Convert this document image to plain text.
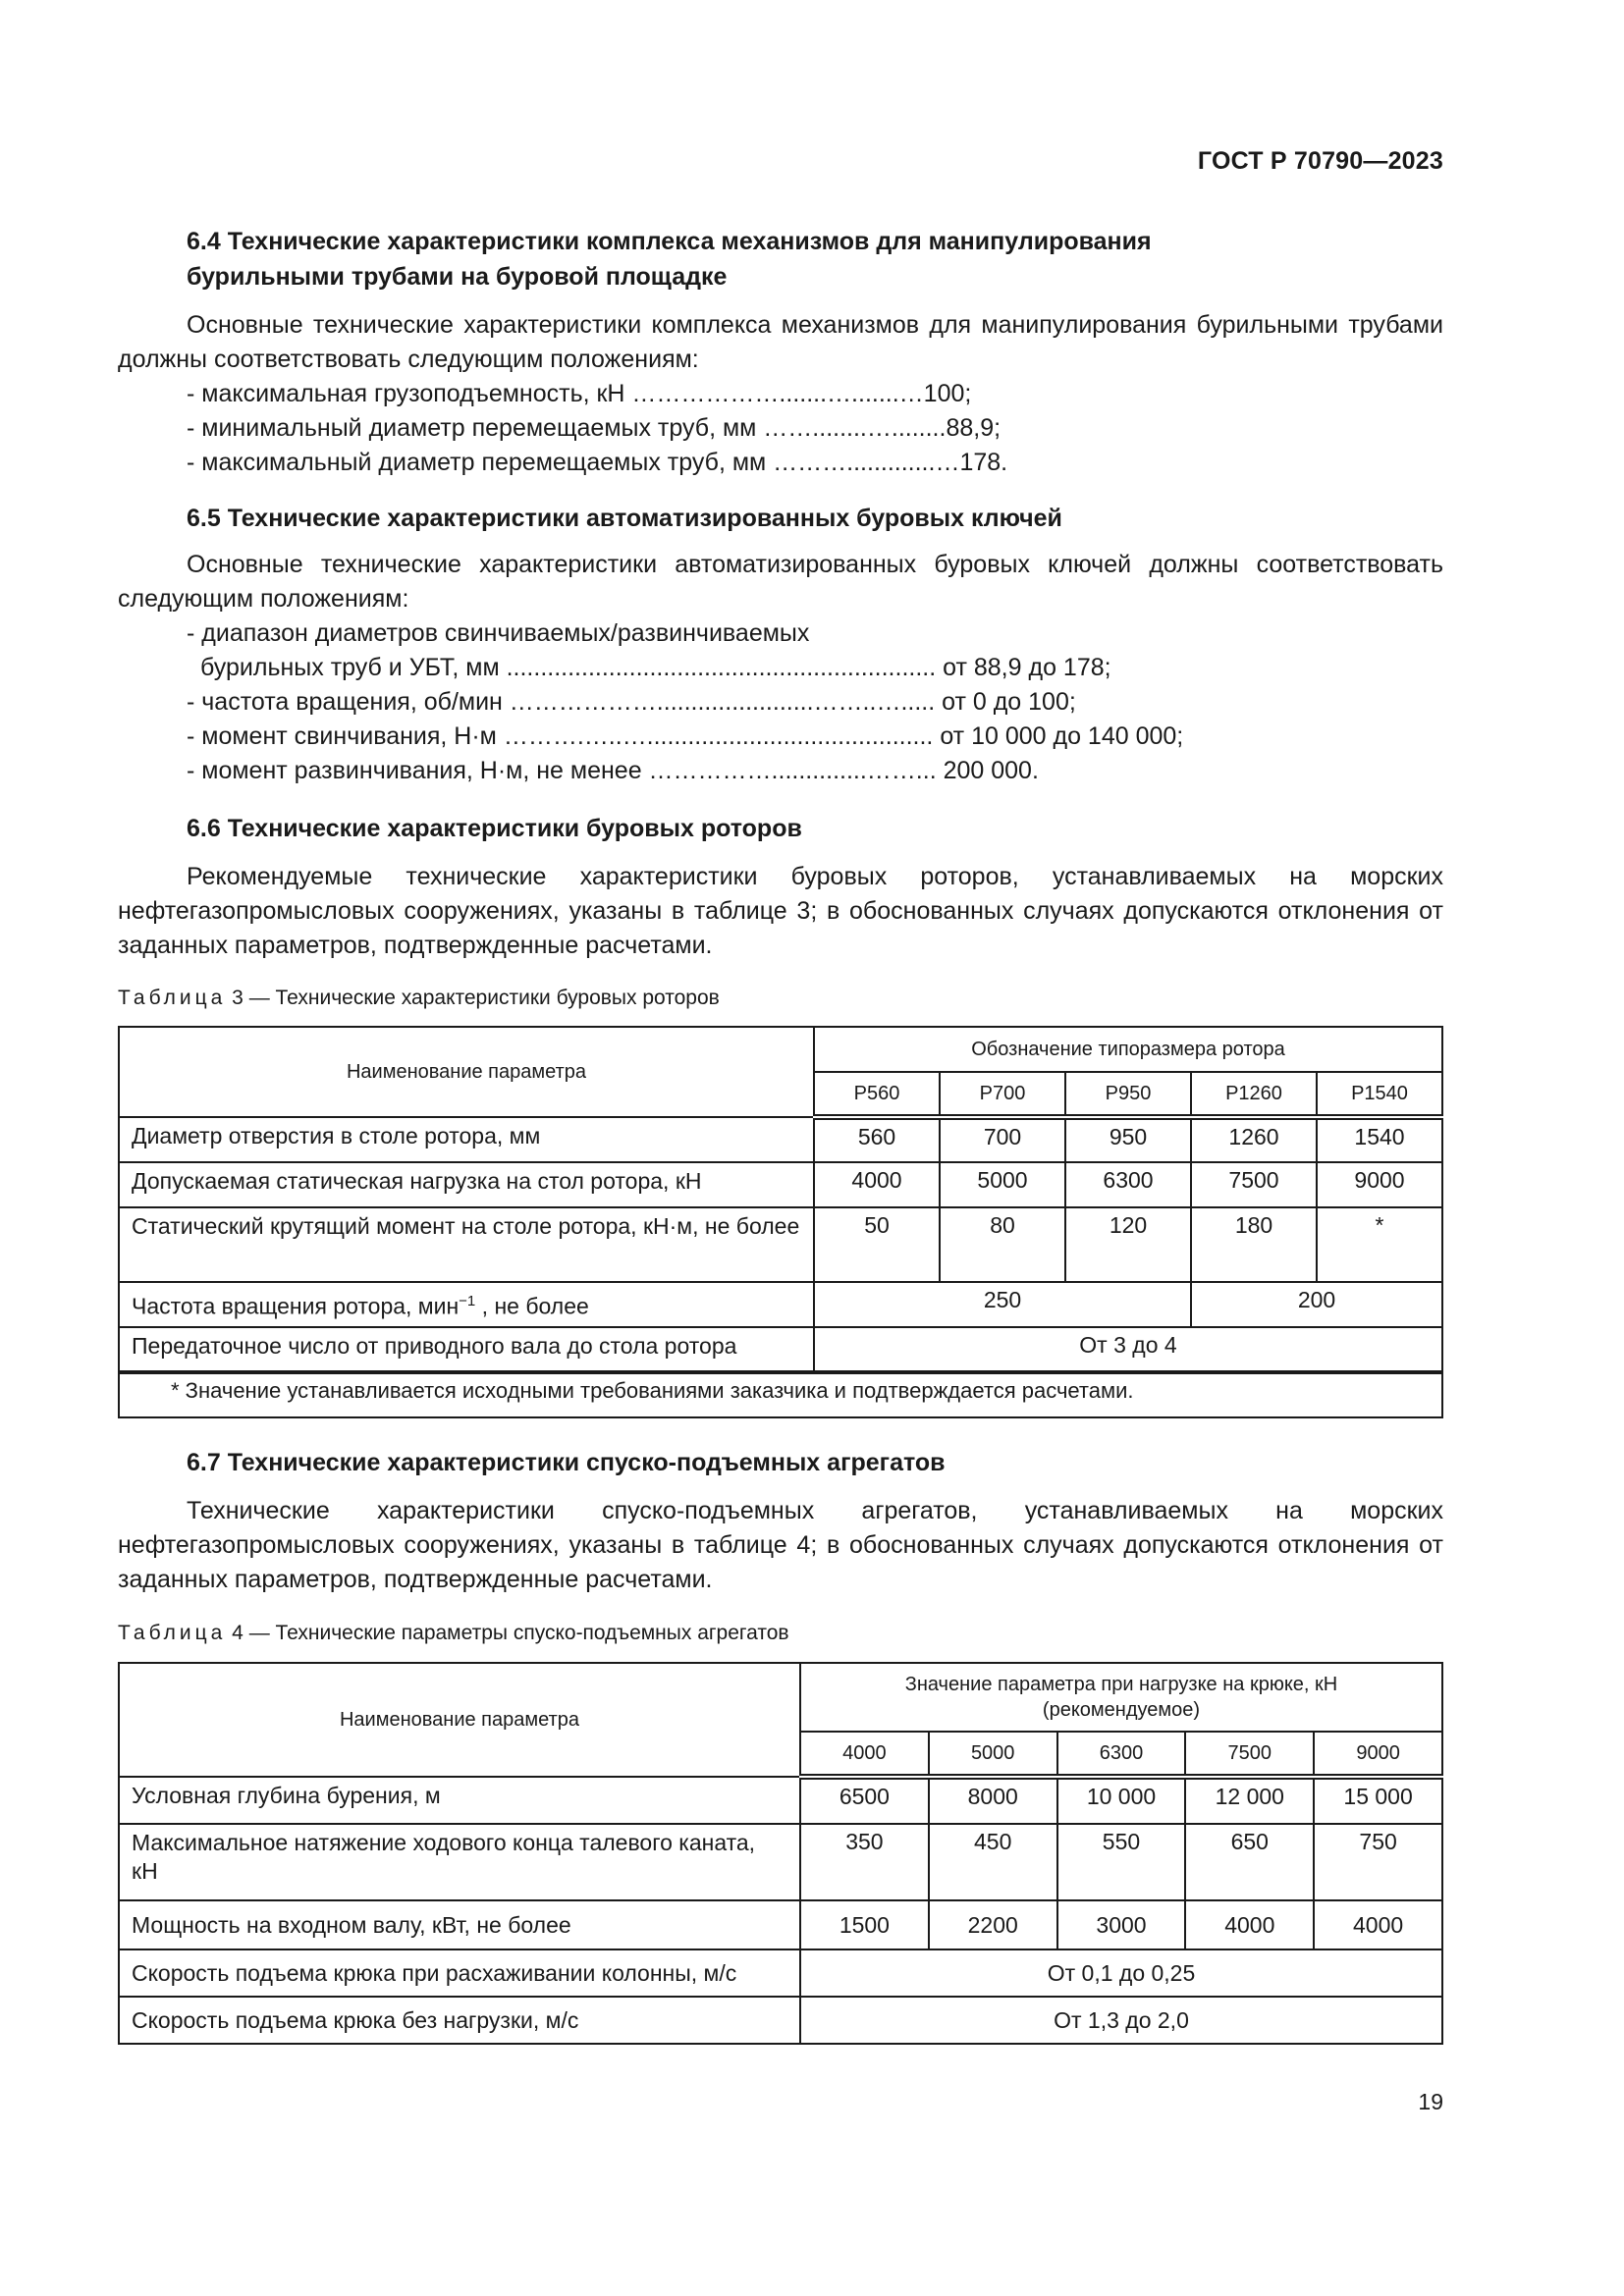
ГОСТ Р 70790—2023

6.4 Технические характеристики комплекса механизмов для манипулирования

бурильными трубами на буровой площадке

Основные технические характеристики комплекса механизмов для манипулирования бурильными трубами должны соответствовать следующим положениям:

- максимальная грузоподъемность, кН ……………….......….......…100;

- минимальный диаметр перемещаемых труб, мм ……........…........88,9;

- максимальный диаметр перемещаемых труб, мм ……….............…178.

6.5 Технические характеристики автоматизированных буровых ключей

Основные технические характеристики автоматизированных буровых ключей должны соответствовать следующим положениям:

- диапазон диаметров свинчиваемых/развинчиваемых

бурильных труб и УБТ, мм ............................................................... от 88,9 до 178;

- частота вращения, об/мин ……………….......................……..…..... от 0 до 100;

- момент свинчивания, Н·м ……….…..….......................................... от 10 000 до 140 000;

- момент развинчивания, Н·м, не менее ……………..............……... 200 000.

6.6 Технические характеристики буровых роторов

Рекомендуемые технические характеристики буровых роторов, устанавливаемых на морских нефтегазопромысловых сооружениях, указаны в таблице 3; в обоснованных случаях допускаются отклонения от заданных параметров, подтвержденные расчетами.

Таблица 3 — Технические характеристики буровых роторов

Наименование параметра	Обозначение типоразмера ротора				
	Р560	Р700	Р950	Р1260	Р1540
Диаметр отверстия в столе ротора, мм	560	700	950	1260	1540
Допускаемая статическая нагрузка на стол ротора, кН	4000	5000	6300	7500	9000
Статический крутящий момент на столе ротора, кН·м, не более	50	80	120	180	*
Частота вращения ротора, мин$^{-1}$ , не более	250			200	
Передаточное число от приводного вала до стола ротора	От 3 до 4				
* Значение устанавливается исходными требованиями заказчика и подтверждается расчетами.					

6.7 Технические характеристики спуско-подъемных агрегатов

Технические характеристики спуско-подъемных агрегатов, устанавливаемых на морских нефтегазопромысловых сооружениях, указаны в таблице 4; в обоснованных случаях допускаются отклонения от заданных параметров, подтвержденные расчетами.

Таблица 4 — Технические параметры спуско-подъемных агрегатов

Наименование параметра	Значение параметра при нагрузке на крюке, кН
(рекомендуемое)				

	4000	5000	6300	7500	9000
Условная глубина бурения, м	6500	8000	10 000	12 000	15 000
Максимальное натяжение ходового конца талевого каната, кН	350	450	550	650	750
Мощность на входном валу, кВт, не более	1500	2200	3000	4000	4000
Скорость подъема крюка при расхаживании колонны, м/с	От 0,1 до 0,25				
Скорость подъема крюка без нагрузки, м/с	От 1,3 до 2,0				
19
